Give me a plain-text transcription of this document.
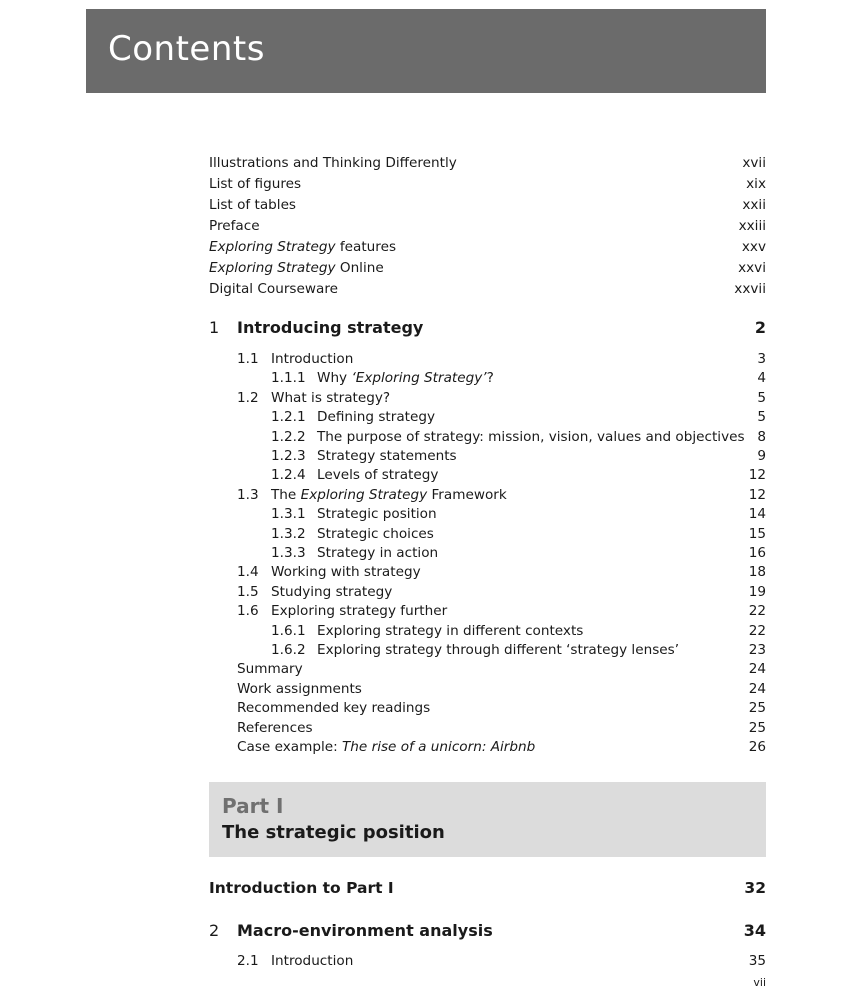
Contents
Illustrations and Thinking Differently	xvii
List of figures	xix
List of tables	xxii
Preface	xxiii
Exploring Strategy features	xxv
Exploring Strategy Online	xxvi
Digital Courseware	xxvii
1	Introducing strategy	2
1.1 Introduction	3
1.1.1 Why ‘Exploring Strategy’?	4
1.2 What is strategy?	5
1.2.1 Defining strategy	5
1.2.2 The purpose of strategy: mission, vision, values and objectives 8
1.2.3 Strategy statements	9
1.2.4 Levels of strategy	12
1.3 The Exploring Strategy Framework	12
1.3.1 Strategic position	14
1.3.2 Strategic choices	15
1.3.3 Strategy in action	16
1.4 Working with strategy	18
1.5 Studying strategy	19
1.6 Exploring strategy further	22
1.6.1 Exploring strategy in different contexts	22
1.6.2 Exploring strategy through different ‘strategy lenses’	23
Summary	24
Work assignments	24
Recommended key readings	25
References	25
Case example: The rise of a unicorn: Airbnb	26
2	Macro-environment analysis	34
2.1 Introduction	35
Part I
The strategic position
Introduction to Part I	32
vii
